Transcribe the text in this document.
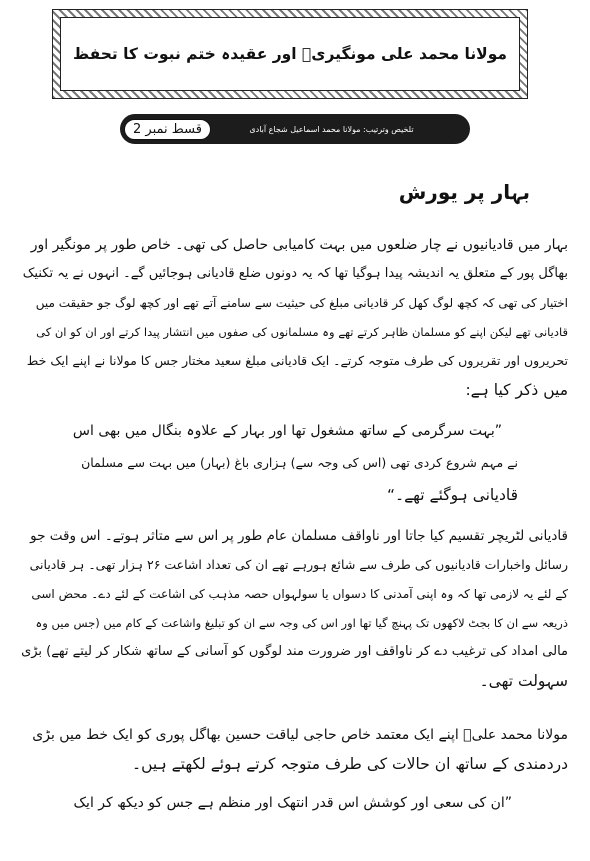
مولانا محمد علی مونگیریؒ اور عقیدہ ختم نبوت کا تحفظ
تلخیص وترتیب: مولانا محمد اسماعیل شجاع آبادی
قسط نمبر 2
بہار پر یورش
بہار میں قادیانیوں نے چار ضلعوں میں بہت کامیابی حاصل کی تھی۔ خاص طور پر مونگیر اور
بھاگل پور کے متعلق یہ اندیشہ پیدا ہوگیا تھا کہ یہ دونوں ضلع قادیانی ہوجائیں گے۔ انہوں نے یہ تکنیک
اختیار کی تھی کہ کچھ لوگ کھل کر قادیانی مبلغ کی حیثیت سے سامنے آتے تھے اور کچھ لوگ جو حقیقت میں
قادیانی تھے لیکن اپنے کو مسلمان ظاہر کرتے تھے وہ مسلمانوں کی صفوں میں انتشار پیدا کرتے اور ان کو ان کی
تحریروں اور تقریروں کی طرف متوجہ کرتے۔ ایک قادیانی مبلغ سعید مختار جس کا مولانا نے اپنے ایک خط
میں ذکر کیا ہے:
”بہت سرگرمی کے ساتھ مشغول تھا اور بہار کے علاوہ بنگال میں بھی اس
نے مہم شروع کردی تھی (اس کی وجہ سے) ہزاری باغ (بہار) میں بہت سے مسلمان
قادیانی ہوگئے تھے۔“
قادیانی لٹریچر تقسیم کیا جاتا اور ناواقف مسلمان عام طور پر اس سے متاثر ہوتے۔ اس وقت جو
رسائل واخبارات قادیانیوں کی طرف سے شائع ہورہے تھے ان کی تعداد اشاعت ۲۶ ہزار تھی۔ ہر قادیانی
کے لئے یہ لازمی تھا کہ وہ اپنی آمدنی کا دسواں یا سولہواں حصہ مذہب کی اشاعت کے لئے دے۔ محض اسی
ذریعہ سے ان کا بجٹ لاکھوں تک پہنچ گیا تھا اور اس کی وجہ سے ان کو تبلیغ واشاعت کے کام میں (جس میں وہ
مالی امداد کی ترغیب دے کر ناواقف اور ضرورت مند لوگوں کو آسانی کے ساتھ شکار کر لیتے تھے) بڑی
سہولت تھی۔
مولانا محمد علیؒ اپنے ایک معتمد خاص حاجی لیاقت حسین بھاگل پوری کو ایک خط میں بڑی
دردمندی کے ساتھ ان حالات کی طرف متوجہ کرتے ہوئے لکھتے ہیں۔
”ان کی سعی اور کوشش اس قدر انتھک اور منظم ہے جس کو دیکھ کر ایک
